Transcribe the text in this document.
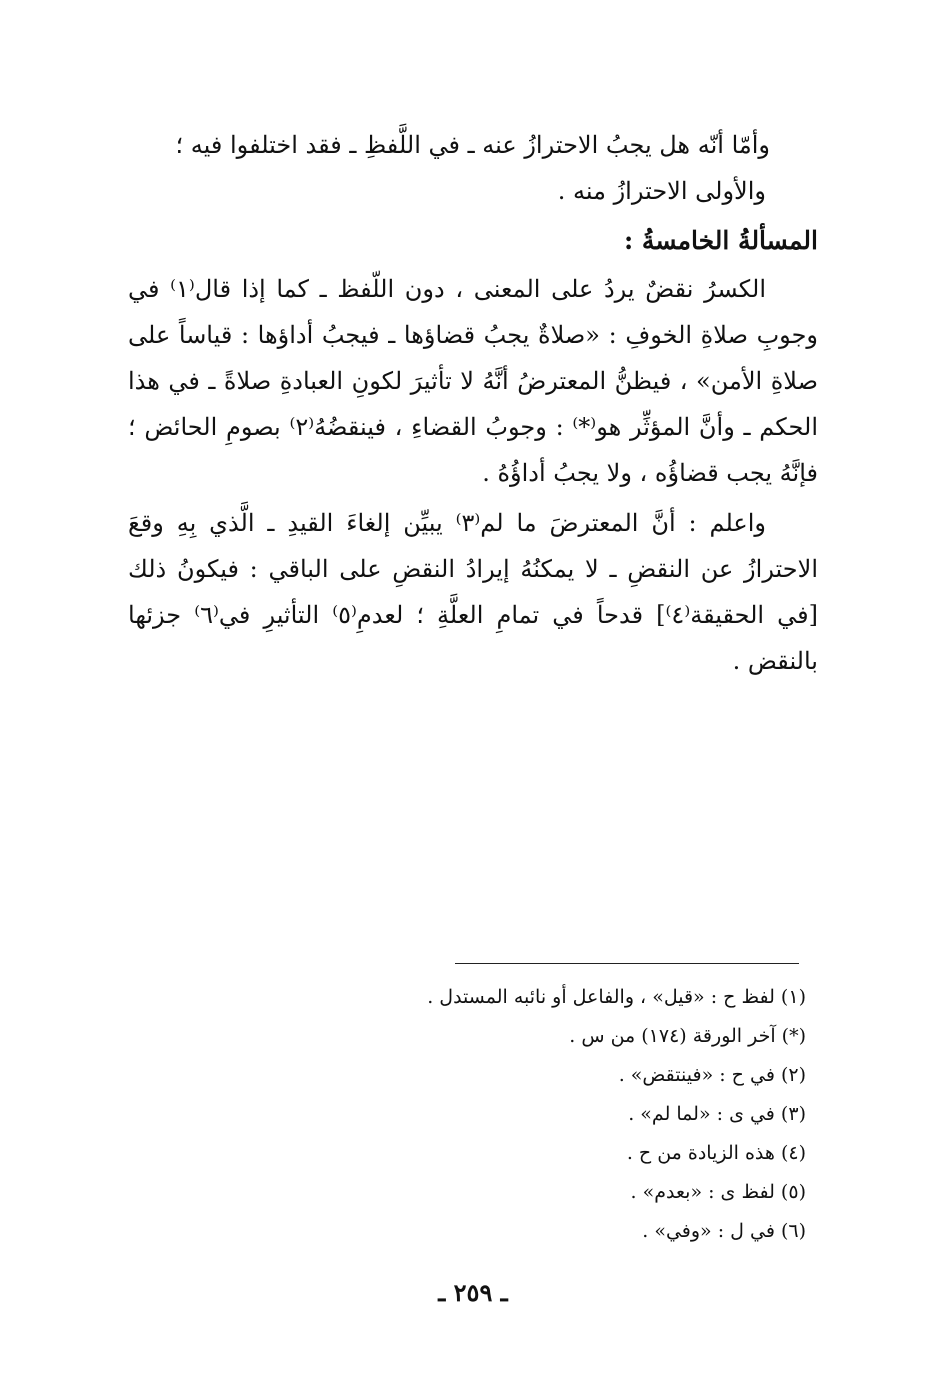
وأمّا أنّه هل يجبُ الاحترازُ عنه ـ في اللَّفظِ ـ فقد اختلفوا فيه ؛

والأولى الاحترازُ منه .

المسألةُ الخامسةُ :

الكسرُ نقضٌ يردُ على المعنى ، دون اللّفظ ـ كما إذا قال⁽١⁾ في وجوبِ صلاةِ الخوفِ : «صلاةٌ يجبُ قضاؤها ـ فيجبُ أداؤها : قياساً على صلاةِ الأمن» ، فيظنُّ المعترضُ أنَّهُ لا تأثيرَ لكونِ العبادةِ صلاةً ـ في هذا الحكم ـ وأنَّ المؤثِّر هو⁽*⁾ : وجوبُ القضاءِ ، فينقضُهُ⁽٢⁾ بصومِ الحائض ؛ فإنَّهُ يجب قضاؤُه ، ولا يجبُ أداؤُهُ .

واعلم : أنَّ المعترضَ ما لم⁽٣⁾ يبيِّن إلغاءَ القيدِ ـ الَّذي بِهِ وقعَ الاحترازُ عن النقضِ ـ لا يمكنُهُ إيرادُ النقضِ على الباقي : فيكونُ ذلك [في الحقيقة⁽٤⁾] قدحاً في تمامِ العلَّةِ ؛ لعدمِ⁽٥⁾ التأثيرِ في⁽٦⁾ جزئها بالنقض .

(١) لفظ ح : «قيل» ، والفاعل أو نائبه المستدل .
(*) آخر الورقة (١٧٤) من س .
(٢) في ح : «فينتقض» .
(٣) في ى : «لما لم» .
(٤) هذه الزيادة من ح .
(٥) لفظ ى : «بعدم» .
(٦) في ل : «وفي» .
ـ ٢٥٩ ـ
